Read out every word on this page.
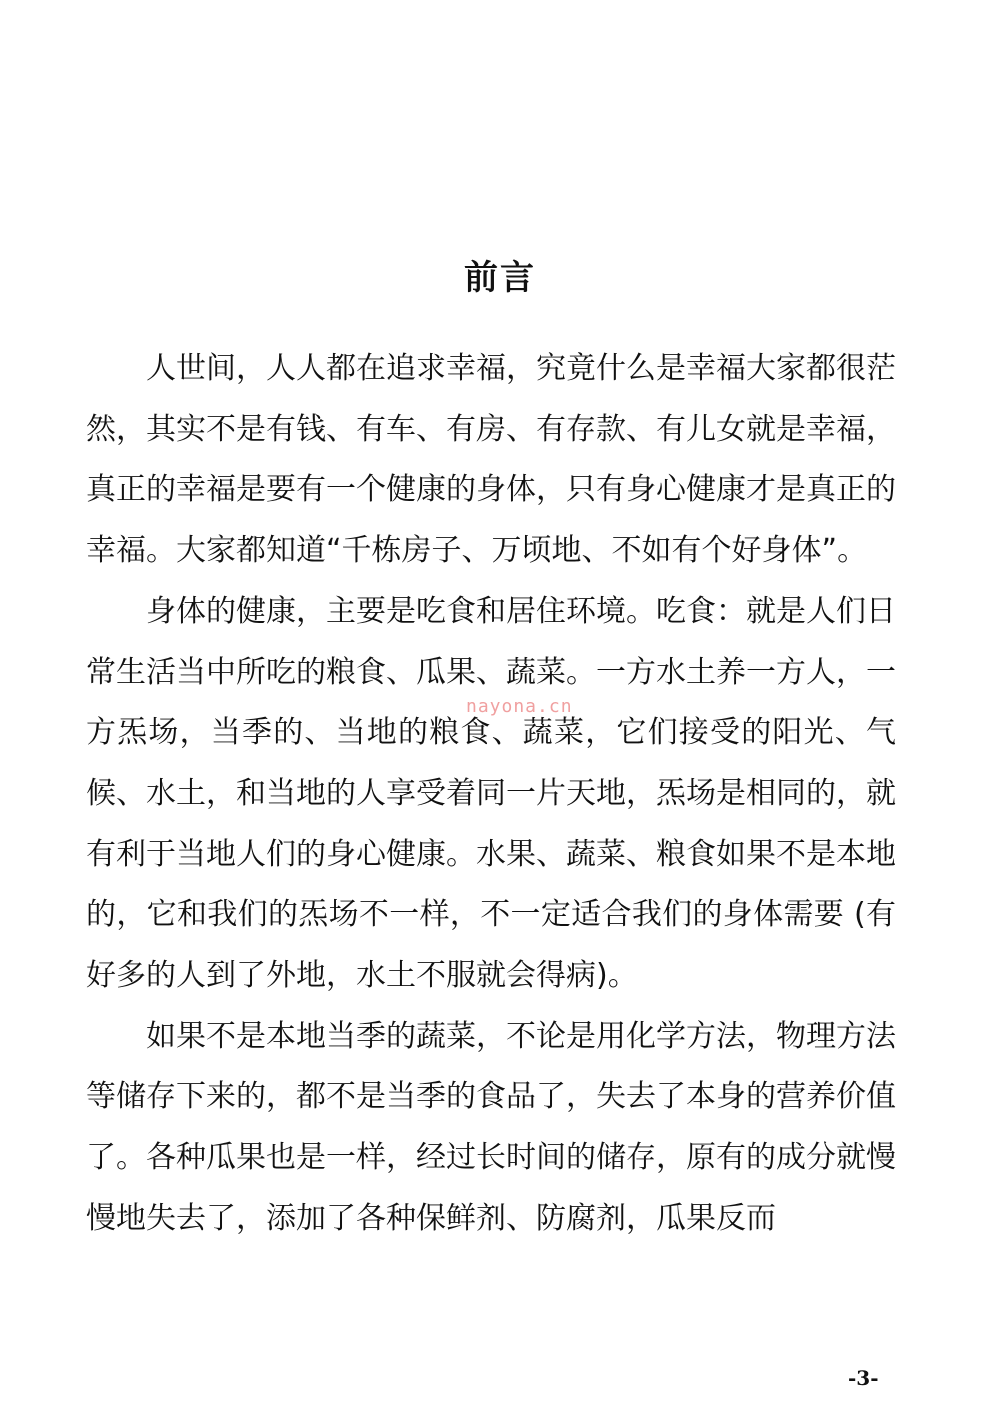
前言

人世间，人人都在追求幸福，究竟什么是幸福大家都很茫然，其实不是有钱、有车、有房、有存款、有儿女就是幸福，真正的幸福是要有一个健康的身体，只有身心健康才是真正的幸福。大家都知道“千栋房子、万顷地、不如有个好身体”。

身体的健康，主要是吃食和居住环境。吃食：就是人们日常生活当中所吃的粮食、瓜果、蔬菜。一方水土养一方人，一方炁场，当季的、当地的粮食、蔬菜，它们接受的阳光、气候、水土，和当地的人享受着同一片天地，炁场是相同的，就有利于当地人们的身心健康。水果、蔬菜、粮食如果不是本地的，它和我们的炁场不一样，不一定适合我们的身体需要 (有好多的人到了外地，水土不服就会得病)。

如果不是本地当季的蔬菜，不论是用化学方法，物理方法等储存下来的，都不是当季的食品了，失去了本身的营养价值了。各种瓜果也是一样，经过长时间的储存，原有的成分就慢慢地失去了，添加了各种保鲜剂、防腐剂，瓜果反而

nayona.cn
-3-
